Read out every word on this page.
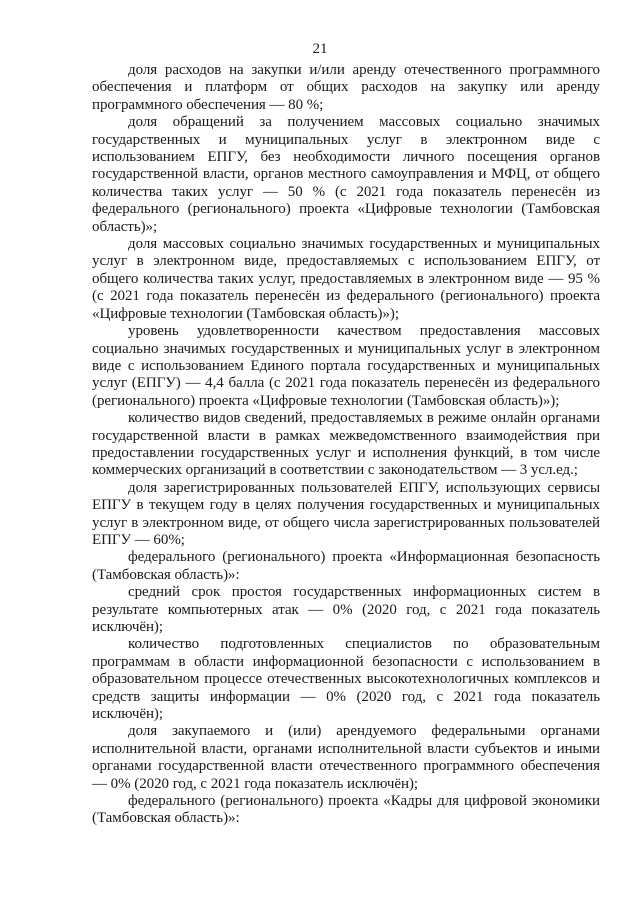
21

доля расходов на закупки и/или аренду отечественного программного обеспечения и платформ от общих расходов на закупку или аренду программного обеспечения — 80 %;

доля обращений за получением массовых социально значимых государственных и муниципальных услуг в электронном виде с использованием ЕПГУ, без необходимости личного посещения органов государственной власти, органов местного самоуправления и МФЦ, от общего количества таких услуг — 50 % (с 2021 года показатель перенесён из федерального (регионального) проекта «Цифровые технологии (Тамбовская область)»;

доля массовых социально значимых государственных и муниципальных услуг в электронном виде, предоставляемых с использованием ЕПГУ, от общего количества таких услуг, предоставляемых в электронном виде — 95 % (с 2021 года показатель перенесён из федерального (регионального) проекта «Цифровые технологии (Тамбовская область)»);

уровень удовлетворенности качеством предоставления массовых социально значимых государственных и муниципальных услуг в электронном виде с использованием Единого портала государственных и муниципальных услуг (ЕПГУ) — 4,4 балла (с 2021 года показатель перенесён из федерального (регионального) проекта «Цифровые технологии (Тамбовская область)»);

количество видов сведений, предоставляемых в режиме онлайн органами государственной власти в рамках межведомственного взаимодействия при предоставлении государственных услуг и исполнения функций, в том числе коммерческих организаций в соответствии с законодательством — 3 усл.ед.;

доля зарегистрированных пользователей ЕПГУ, использующих сервисы ЕПГУ в текущем году в целях получения государственных и муниципальных услуг в электронном виде, от общего числа зарегистрированных пользователей ЕПГУ — 60%;

федерального (регионального) проекта «Информационная безопасность (Тамбовская область)»:

средний срок простоя государственных информационных систем в результате компьютерных атак — 0% (2020 год, с 2021 года показатель исключён);

количество подготовленных специалистов по образовательным программам в области информационной безопасности с использованием в образовательном процессе отечественных высокотехнологичных комплексов и средств защиты информации — 0% (2020 год, с 2021 года показатель исключён);

доля закупаемого и (или) арендуемого федеральными органами исполнительной власти, органами исполнительной власти субъектов и иными органами государственной власти отечественного программного обеспечения — 0% (2020 год, с 2021 года показатель исключён);

федерального (регионального) проекта «Кадры для цифровой экономики (Тамбовская область)»:
